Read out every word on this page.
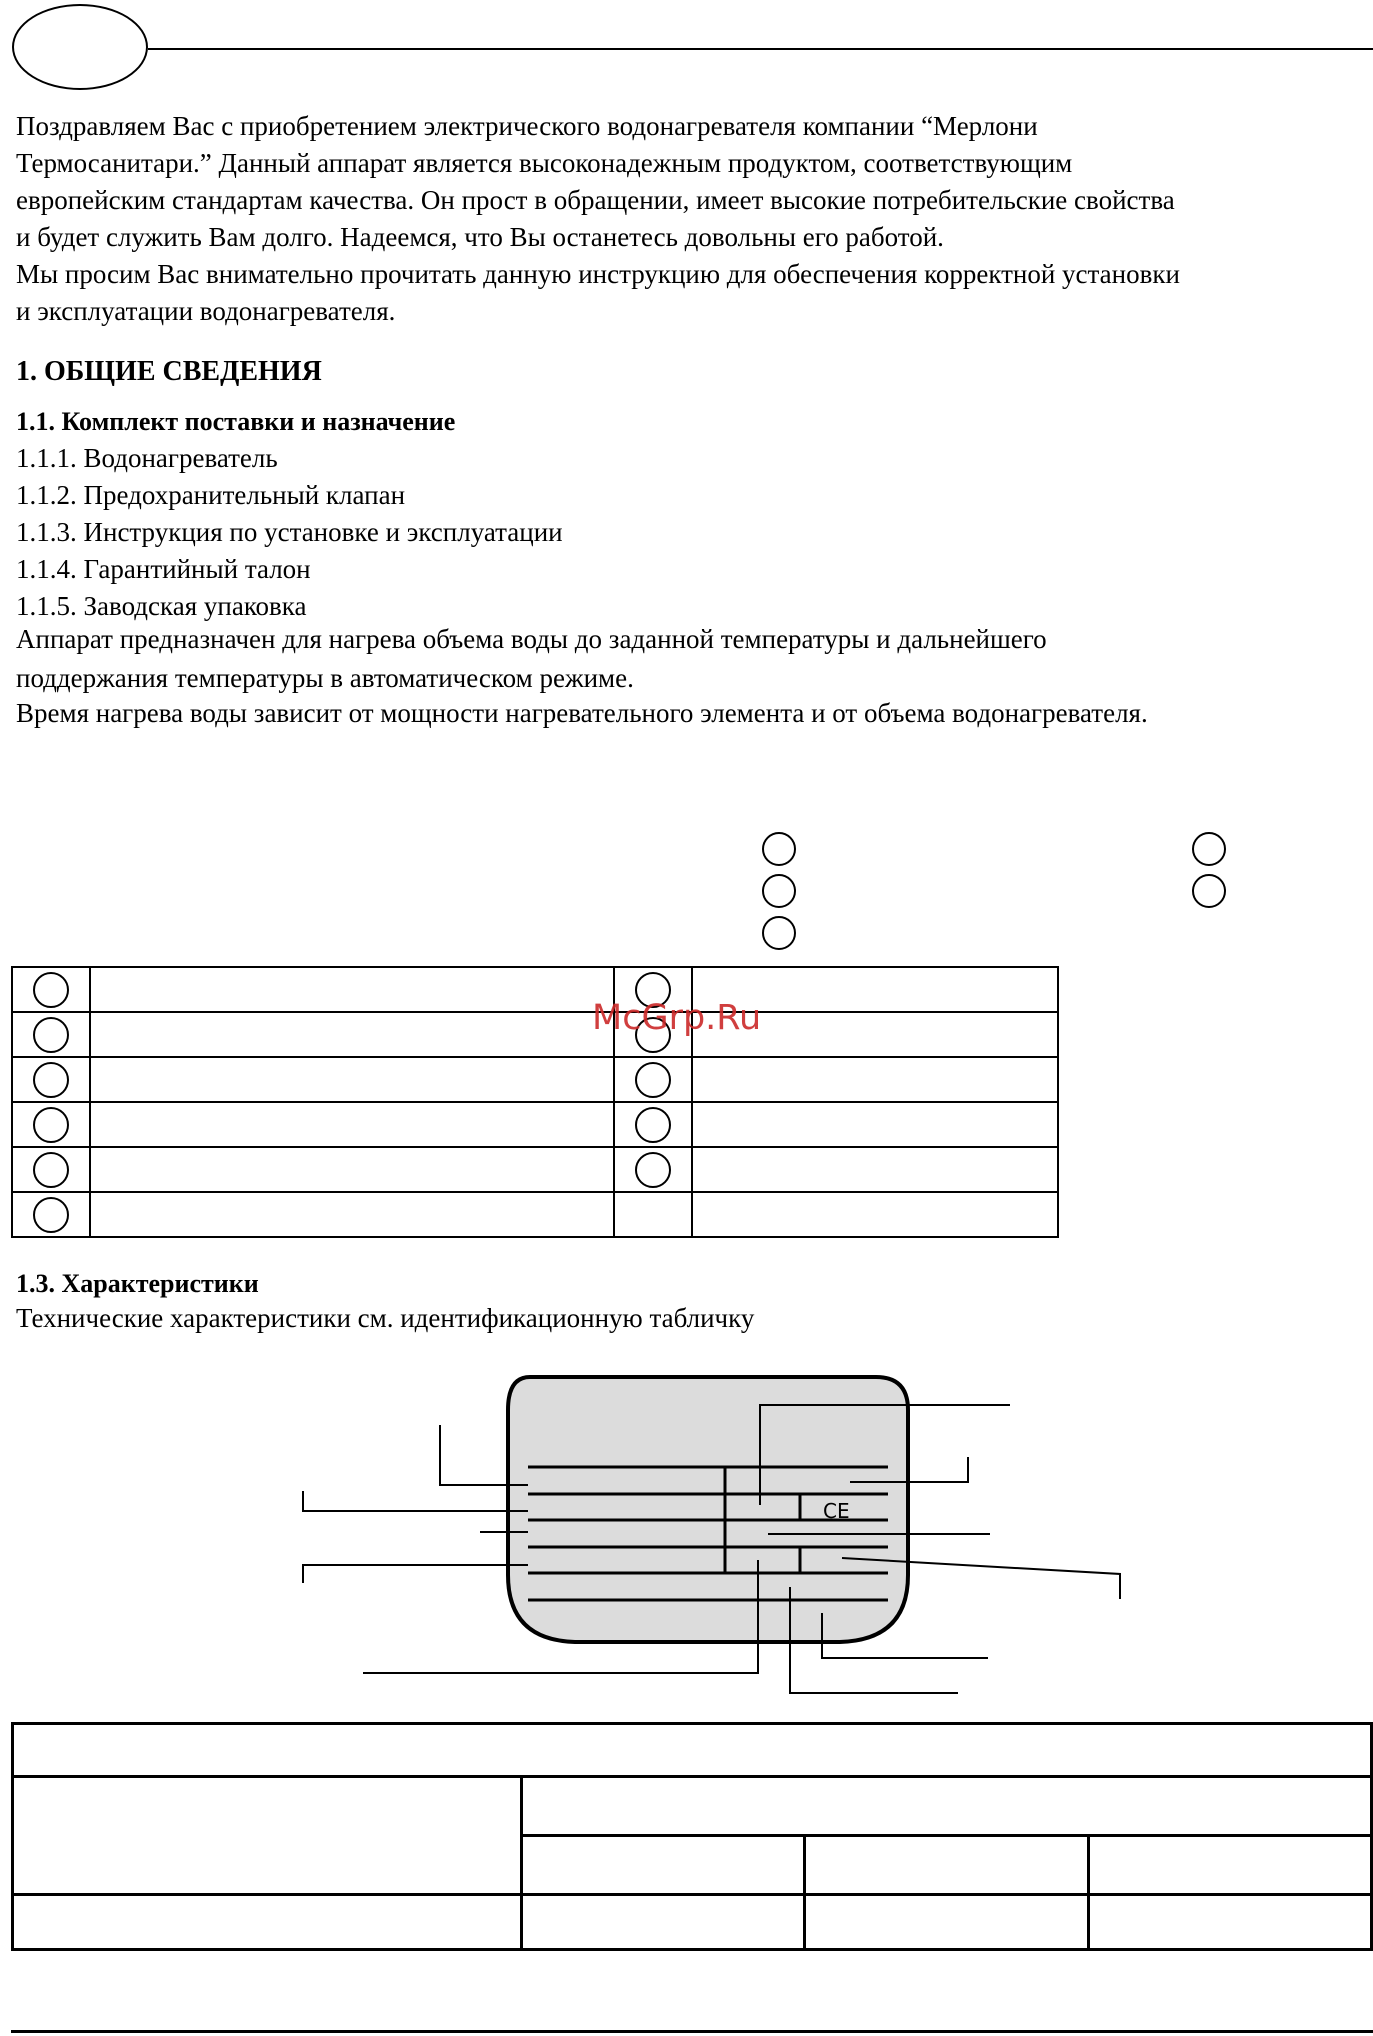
Поздравляем Вас с приобретением электрического водонагревателя компании “Мерлони
Термосанитари.” Данный аппарат является высоконадежным продуктом, соответствующим
европейским стандартам качества. Он прост в обращении, имеет высокие потребительские свойства
и будет служить Вам долго. Надеемся, что Вы останетесь довольны его работой.
Мы просим Вас внимательно прочитать данную инструкцию для обеспечения корректной установки
и эксплуатации водонагревателя.
1. ОБЩИЕ СВЕДЕНИЯ
1.1. Комплект поставки и назначение
1.1.1. Водонагреватель
1.1.2. Предохранительный клапан
1.1.3. Инструкция по установке и эксплуатации
1.1.4. Гарантийный талон
1.1.5. Заводская упаковка
Аппарат предназначен для нагрева объема воды до заданной температуры и дальнейшего
поддержания температуры в автоматическом режиме.
Время нагрева воды зависит от мощности нагревательного элемента и от объема водонагревателя.

McGrp.Ru
1.3. Характеристики
Технические характеристики см. идентификационную табличку
CE
